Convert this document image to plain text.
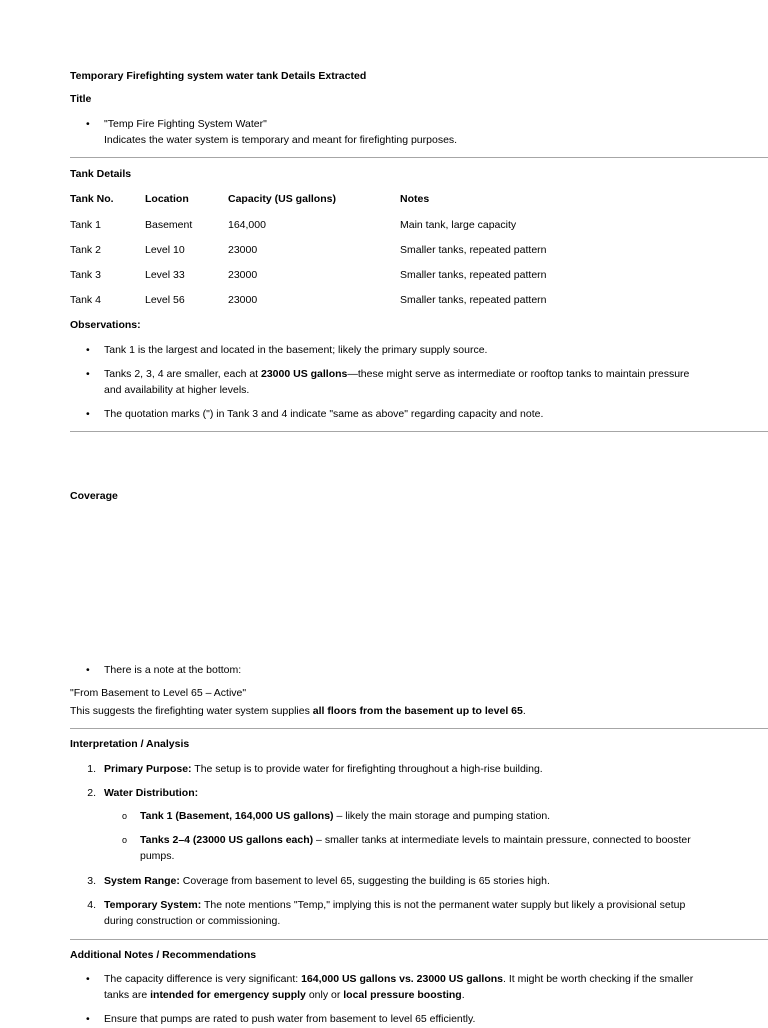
Temporary Firefighting system water tank Details Extracted
Title
•	"Temp Fire Fighting System Water"
Indicates the water system is temporary and meant for firefighting purposes.
Tank Details
Tank No.	Location	Capacity (US gallons)	Notes
Tank 1	Basement	164,000	Main tank, large capacity
Tank 2	Level 10	23000	Smaller tanks, repeated pattern
Tank 3	Level 33	23000	Smaller tanks, repeated pattern
Tank 4	Level 56	23000	Smaller tanks, repeated pattern
Observations:
•	Tank 1 is the largest and located in the basement; likely the primary supply source.
•	Tanks 2, 3, 4 are smaller, each at 23000 US gallons—these might serve as intermediate or rooftop tanks to maintain pressure
and availability at higher levels.
•	The quotation marks (") in Tank 3 and 4 indicate "same as above" regarding capacity and note.
Coverage
•	There is a note at the bottom:
"From Basement to Level 65 – Active"
This suggests the firefighting water system supplies all floors from the basement up to level 65.
Interpretation / Analysis
1. Primary Purpose: The setup is to provide water for firefighting throughout a high-rise building.
2. Water Distribution:
o	Tank 1 (Basement, 164,000 US gallons) – likely the main storage and pumping station.
o	Tanks 2–4 (23000 US gallons each) – smaller tanks at intermediate levels to maintain pressure, connected to booster
pumps.
3. System Range: Coverage from basement to level 65, suggesting the building is 65 stories high.
4. Temporary System: The note mentions "Temp," implying this is not the permanent water supply but likely a provisional setup
during construction or commissioning.
Additional Notes / Recommendations
•	The capacity difference is very significant: 164,000 US gallons vs. 23000 US gallons. It might be worth checking if the smaller
tanks are intended for emergency supply only or local pressure boosting.
•	Ensure that pumps are rated to push water from basement to level 65 efficiently.
